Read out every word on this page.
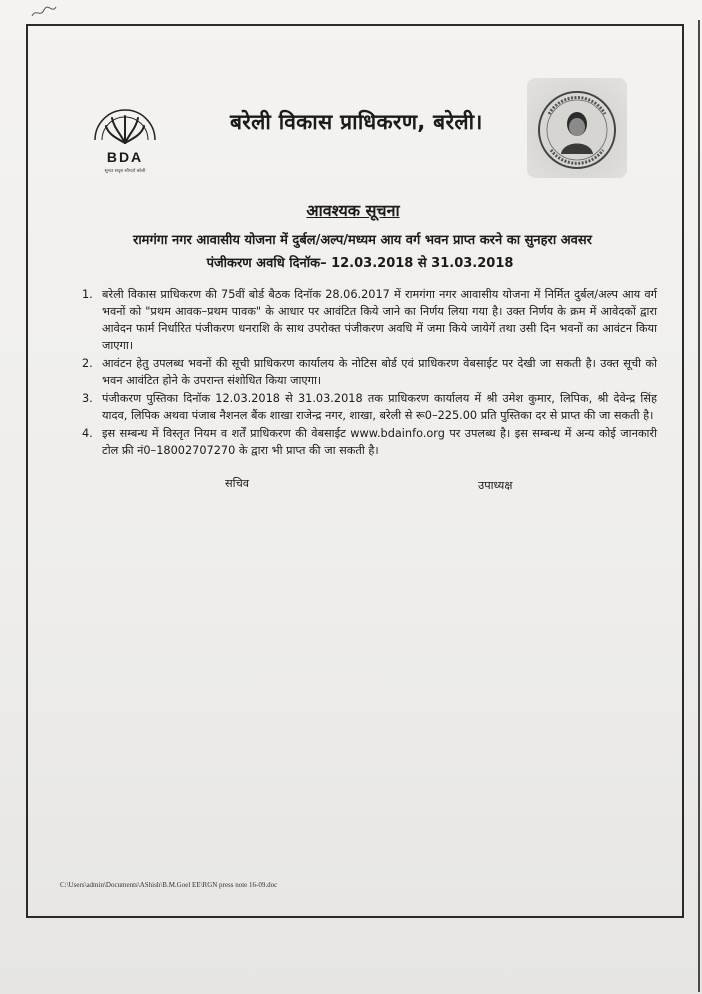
BDA
सुन्दर सदृश सौन्दर्य बरेली
बरेली विकास प्राधिकरण, बरेली।
आवश्यक सूचना
रामगंगा नगर आवासीय योजना में दुर्बल/अल्प/मध्यम आय वर्ग भवन प्राप्त करने का सुनहरा अवसर
पंजीकरण अवधि दिनॉक– 12.03.2018 से 31.03.2018
1. बरेली विकास प्राधिकरण की 75वीं बोर्ड बैठक दिनॉक 28.06.2017 में रामगंगा नगर आवासीय योजना में निर्मित दुर्बल/अल्प आय वर्ग भवनों को "प्रथम आवक–प्रथम पावक" के आधार पर आवंटित किये जाने का निर्णय लिया गया है। उक्त निर्णय के क्रम में आवेदकों द्वारा आवेदन फार्म निर्धारित पंजीकरण धनराशि के साथ उपरोक्त पंजीकरण अवधि में जमा किये जायेगें तथा उसी दिन भवनों का आवंटन किया जाएगा।
2. आवंटन हेतु उपलब्ध भवनों की सूची प्राधिकरण कार्यालय के नोटिस बोर्ड एवं प्राधिकरण वेबसाईट पर देखी जा सकती है। उक्त सूची को भवन आवंटित होने के उपरान्त संशोधित किया जाएगा।
3. पंजीकरण पुस्तिका दिनॉक 12.03.2018 से 31.03.2018 तक प्राधिकरण कार्यालय में श्री उमेश कुमार, लिपिक, श्री देवेन्द्र सिंह यादव, लिपिक अथवा पंजाब नैशनल बैंक शाखा राजेन्द्र नगर, शाखा, बरेली से रू0–225.00 प्रति पुस्तिका दर से प्राप्त की जा सकती है।
4. इस सम्बन्ध में विस्तृत नियम व शर्तें प्राधिकरण की वेबसाईट www.bdainfo.org पर उपलब्ध है। इस सम्बन्ध में अन्य कोई जानकारी टोल फ्री नं0–18002707270 के द्वारा भी प्राप्त की जा सकती है।
सचिव	उपाध्यक्ष
C:\Users\admin\Documents\AShish\B.M.Goel EE\RGN press note 16-09.doc
